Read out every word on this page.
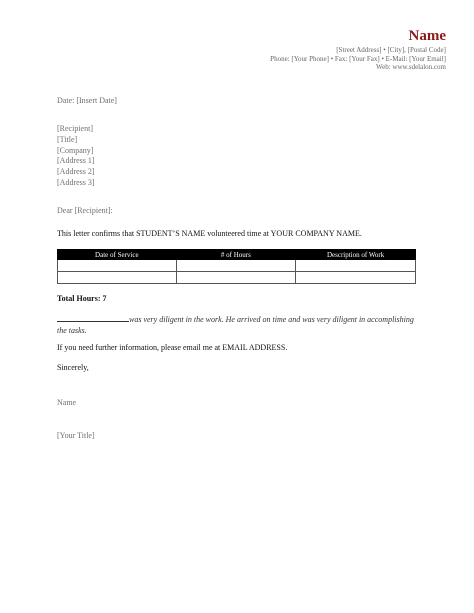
Name
[Street Address] • [City], [Postal Code]
Phone: [Your Phone] • Fax: [Your Fax] • E-Mail: [Your Email]
Web: www.sdelalon.com
Date: [Insert Date]
[Recipient]
[Title]
[Company]
[Address 1]
[Address 2]
[Address 3]
Dear [Recipient]:
This letter confirms that STUDENT’S NAME volunteered time at YOUR COMPANY NAME.
Date of Service	# of Hours	Description of Work

Total Hours: 7
was very diligent in the work. He arrived on time and was very diligent in accomplishing the tasks.
If you need further information, please email me at EMAIL ADDRESS.
Sincerely,
Name
[Your Title]
